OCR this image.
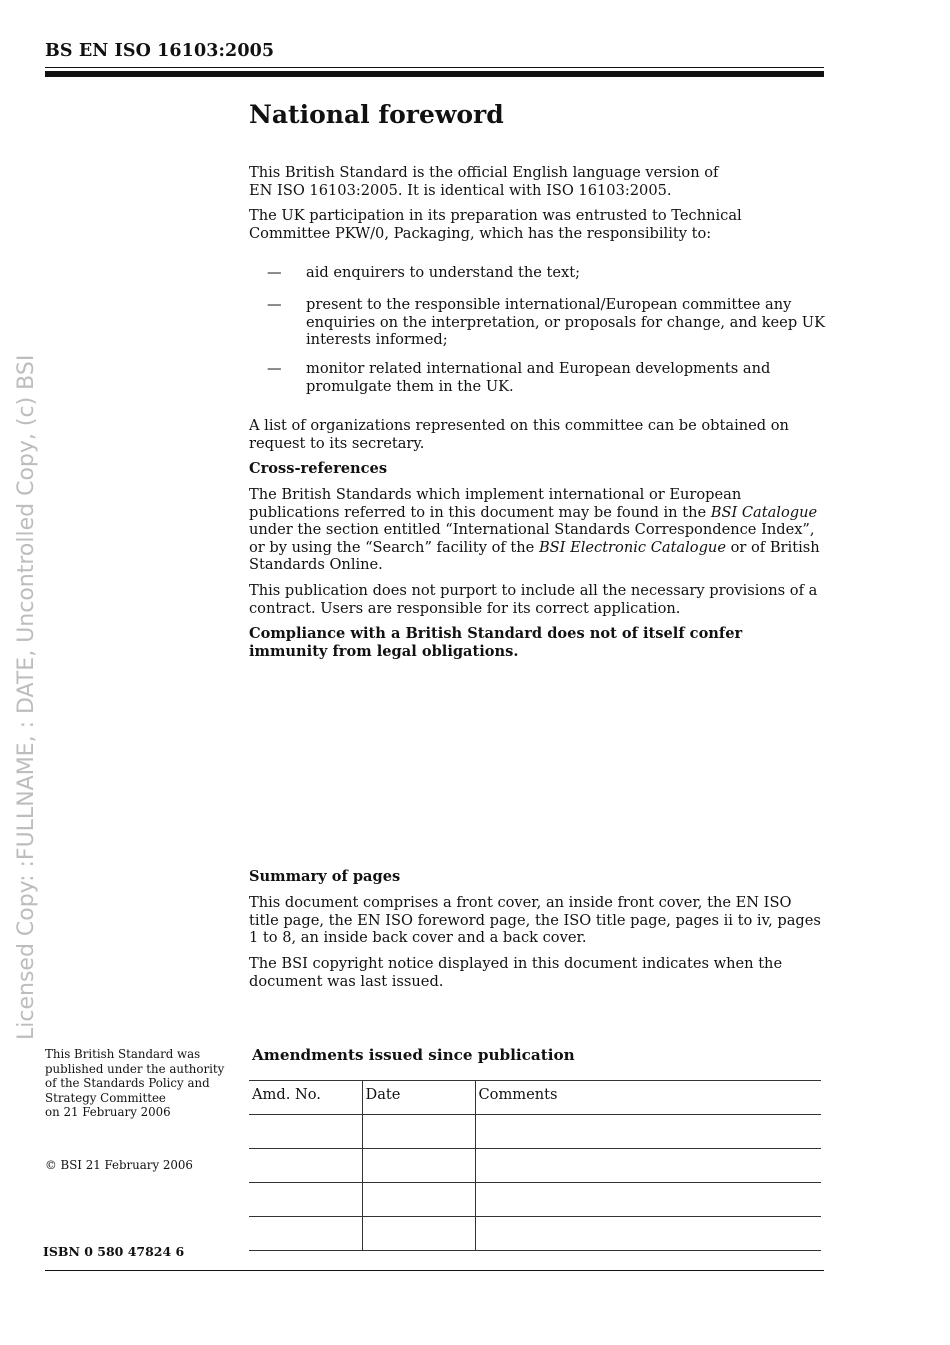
BS EN ISO 16103:2005
National foreword
This British Standard is the official English language version of
EN ISO 16103:2005. It is identical with ISO 16103:2005.
The UK participation in its preparation was entrusted to Technical Committee PKW/0, Packaging, which has the responsibility to:
— aid enquirers to understand the text;
— present to the responsible international/European committee any enquiries on the interpretation, or proposals for change, and keep UK interests informed;
— monitor related international and European developments and promulgate them in the UK.
A list of organizations represented on this committee can be obtained on request to its secretary.
Cross-references
The British Standards which implement international or European publications referred to in this document may be found in the BSI Catalogue under the section entitled “International Standards Correspondence Index”, or by using the “Search” facility of the BSI Electronic Catalogue or of British Standards Online.
This publication does not purport to include all the necessary provisions of a contract. Users are responsible for its correct application.
Compliance with a British Standard does not of itself confer immunity from legal obligations.
Summary of pages
This document comprises a front cover, an inside front cover, the EN ISO title page, the EN ISO foreword page, the ISO title page, pages ii to iv, pages 1 to 8, an inside back cover and a back cover.
The BSI copyright notice displayed in this document indicates when the document was last issued.
Licensed Copy: :FULLNAME, : DATE, Uncontrolled Copy, (c) BSI
This British Standard was
published under the authority
of the Standards Policy and
Strategy Committee
on 21 February 2006
© BSI 21 February 2006
Amendments issued since publication
Amd. No.	Date	Comments

ISBN 0 580 47824 6
